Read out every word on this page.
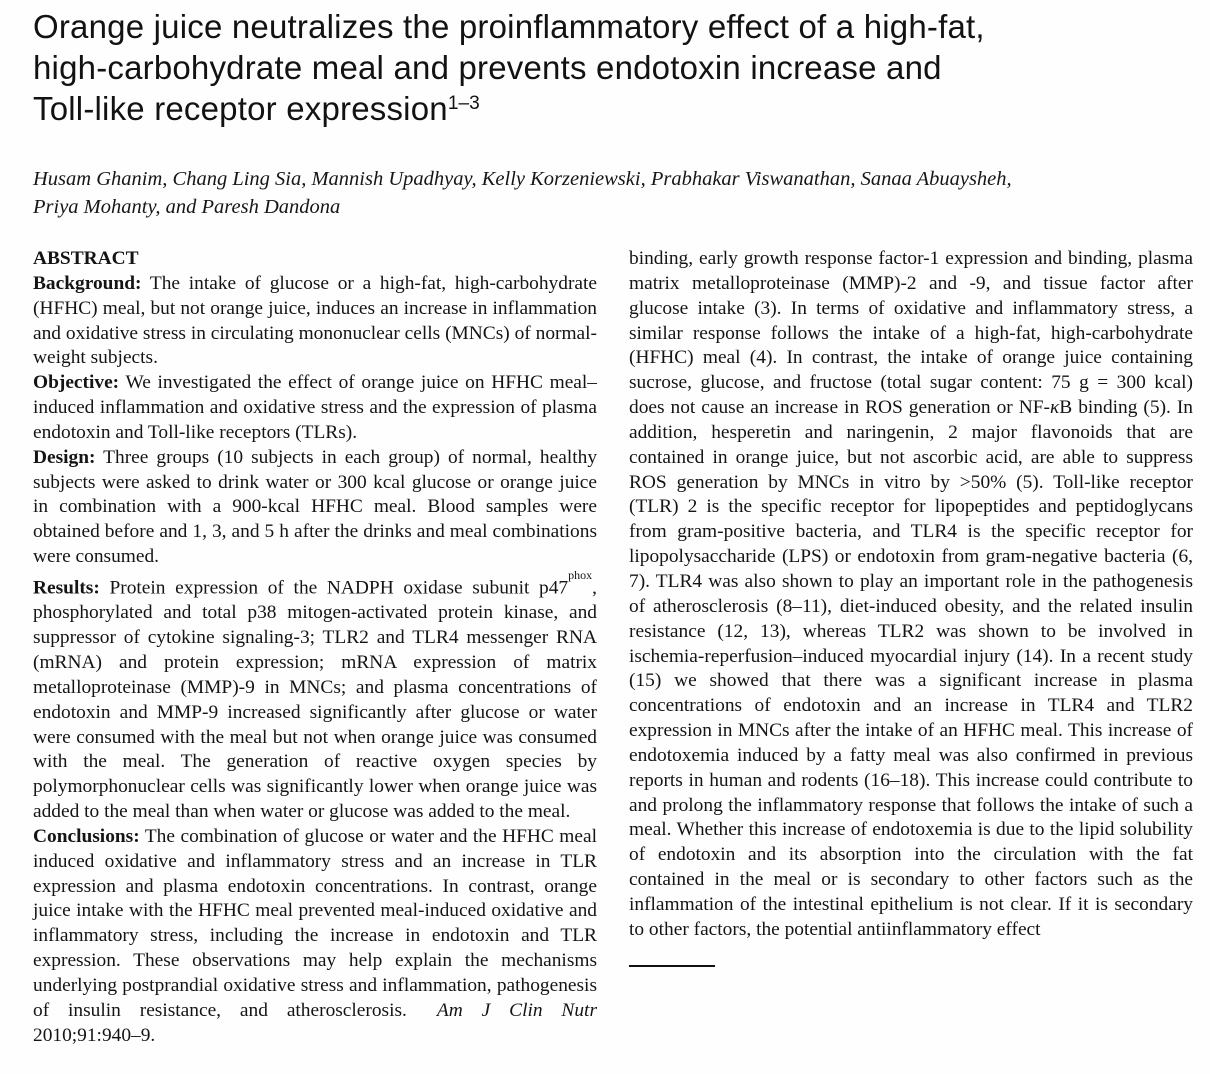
Orange juice neutralizes the proinflammatory effect of a high-fat,
high-carbohydrate meal and prevents endotoxin increase and
Toll-like receptor expression$^{1-3}$
Husam Ghanim, Chang Ling Sia, Mannish Upadhyay, Kelly Korzeniewski, Prabhakar Viswanathan, Sanaa Abuaysheh,
Priya Mohanty, and Paresh Dandona
ABSTRACT

Background: The intake of glucose or a high-fat, high-carbohydrate (HFHC) meal, but not orange juice, induces an increase in inflammation and oxidative stress in circulating mononuclear cells (MNCs) of normal-weight subjects.

Objective: We investigated the effect of orange juice on HFHC meal–induced inflammation and oxidative stress and the expression of plasma endotoxin and Toll-like receptors (TLRs).

Design: Three groups (10 subjects in each group) of normal, healthy subjects were asked to drink water or 300 kcal glucose or orange juice in combination with a 900-kcal HFHC meal. Blood samples were obtained before and 1, 3, and 5 h after the drinks and meal combinations were consumed.

Results: Protein expression of the NADPH oxidase subunit $p47^{phox}$, phosphorylated and total p38 mitogen-activated protein kinase, and suppressor of cytokine signaling-3; TLR2 and TLR4 messenger RNA (mRNA) and protein expression; mRNA expression of matrix metalloproteinase (MMP)-9 in MNCs; and plasma concentrations of endotoxin and MMP-9 increased significantly after glucose or water were consumed with the meal but not when orange juice was consumed with the meal. The generation of reactive oxygen species by polymorphonuclear cells was significantly lower when orange juice was added to the meal than when water or glucose was added to the meal.

Conclusions: The combination of glucose or water and the HFHC meal induced oxidative and inflammatory stress and an increase in TLR expression and plasma endotoxin concentrations. In contrast, orange juice intake with the HFHC meal prevented meal-induced oxidative and inflammatory stress, including the increase in endotoxin and TLR expression. These observations may help explain the mechanisms underlying postprandial oxidative stress and inflammation, pathogenesis of insulin resistance, and atherosclerosis. Am J Clin Nutr 2010;91:940–9.

binding, early growth response factor-1 expression and binding, plasma matrix metalloproteinase (MMP)-2 and -9, and tissue factor after glucose intake (3). In terms of oxidative and inflammatory stress, a similar response follows the intake of a high-fat, high-carbohydrate (HFHC) meal (4). In contrast, the intake of orange juice containing sucrose, glucose, and fructose (total sugar content: 75 g = 300 kcal) does not cause an increase in ROS generation or NF-κB binding (5). In addition, hesperetin and naringenin, 2 major flavonoids that are contained in orange juice, but not ascorbic acid, are able to suppress ROS generation by MNCs in vitro by >50% (5). Toll-like receptor (TLR) 2 is the specific receptor for lipopeptides and peptidoglycans from gram-positive bacteria, and TLR4 is the specific receptor for lipopolysaccharide (LPS) or endotoxin from gram-negative bacteria (6, 7). TLR4 was also shown to play an important role in the pathogenesis of atherosclerosis (8–11), diet-induced obesity, and the related insulin resistance (12, 13), whereas TLR2 was shown to be involved in ischemia-reperfusion–induced myocardial injury (14). In a recent study (15) we showed that there was a significant increase in plasma concentrations of endotoxin and an increase in TLR4 and TLR2 expression in MNCs after the intake of an HFHC meal. This increase of endotoxemia induced by a fatty meal was also confirmed in previous reports in human and rodents (16–18). This increase could contribute to and prolong the inflammatory response that follows the intake of such a meal. Whether this increase of endotoxemia is due to the lipid solubility of endotoxin and its absorption into the circulation with the fat contained in the meal or is secondary to other factors such as the inflammation of the intestinal epithelium is not clear. If it is secondary to other factors, the potential antiinflammatory effect
